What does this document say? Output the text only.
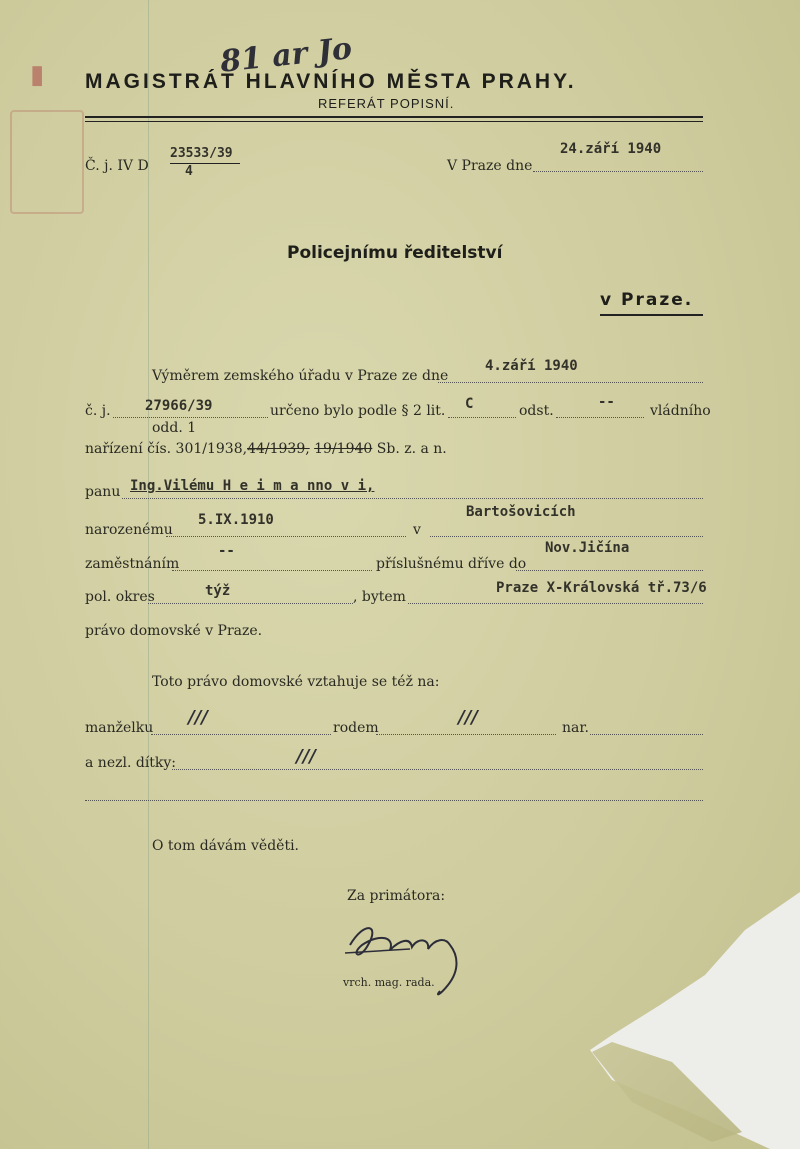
▮	81 ar Jo
MAGISTRÁT HLAVNÍHO MĚSTA PRAHY.
REFERÁT POPISNÍ.
Č. j. IV D
23533/39
4	V Praze dne
24.září 1940
Policejnímu ředitelství
v Praze.
Výměrem zemského úřadu v Praze ze dne
4.září 1940
č. j. 27966/39	určeno bylo podle § 2 lit. C	odst.
--
vládního
odd. 1
nařízení čís. 301/1938,44/1939, 19/1940 Sb. z. a n.
panu Ing.Vilému H e i m a nno v i,
narozenému
5.IX.1910
v
Bartošovicích
zaměstnáním
--
příslušnému dříve do
Nov.Jičína
pol. okres	týž	, bytem
Praze X-Královská tř.73/6
právo domovské v Praze.
Toto právo domovské vztahuje se též na:
manželku ///	rodem	///	nar.
a nezl. dítky:	///
O tom dávám věděti.
Za primátora:
vrch. mag. rada.
